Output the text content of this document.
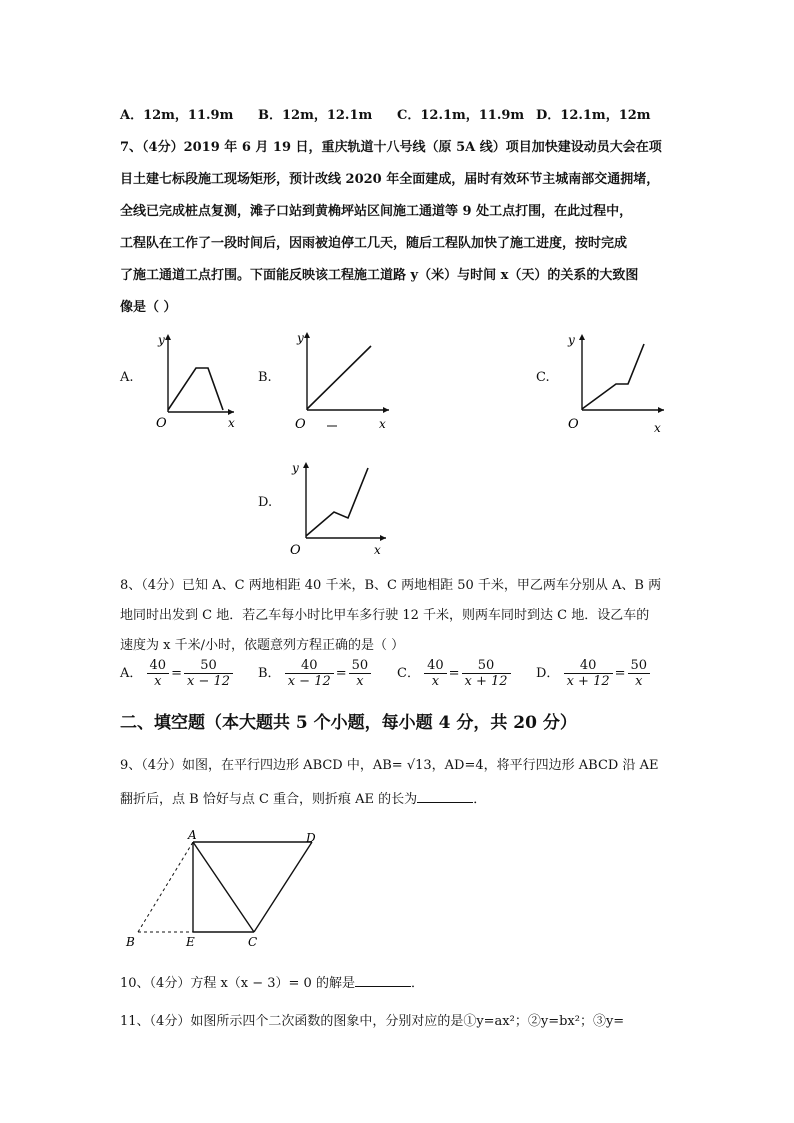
A．12m，11.9m B．12m，12.1m C．12.1m，11.9m D．12.1m，12m
7、（4分）2019 年 6 月 19 日，重庆轨道十八号线（原 5A 线）项目加快建设动员大会在项
目土建七标段施工现场矩形，预计改线 2020 年全面建成，届时有效环节主城南部交通拥堵，
全线已完成桩点复测，滩子口站到黄桷坪站区间施工通道等 9 处工点打围，在此过程中，
工程队在工作了一段时间后，因雨被迫停工几天，随后工程队加快了施工进度，按时完成
了施工通道工点打围。下面能反映该工程施工道路 y（米）与时间 x（天）的关系的大致图
像是（ ）
A.	B.	C.
D.
y
O	x
y
O	x
y
O	x
y
O	x
8、（4分）已知 A、C 两地相距 40 千米，B、C 两地相距 50 千米，甲乙两车分别从 A、B 两
地同时出发到 C 地．若乙车每小时比甲车多行驶 12 千米，则两车同时到达 C 地．设乙车的
速度为 x 千米/小时，依题意列方程正确的是（ ）
A． $\frac{40}{x} = \frac{50}{x - 12}$ B． $\frac{40}{x - 12} = \frac{50}{x}$ C． $\frac{40}{x} = \frac{50}{x + 12}$ D． $\frac{40}{x + 12} = \frac{50}{x}$
二、填空题（本大题共 5 个小题，每小题 4 分，共 20 分）
9、（4分）如图，在平行四边形 ABCD 中，AB= √13，AD=4，将平行四边形 ABCD 沿 AE
翻折后，点 B 恰好与点 C 重合，则折痕 AE 的长为	．
A	D
B	E	C
10、（4分）方程 x（x − 3）= 0 的解是	．
11、（4分）如图所示四个二次函数的图象中，分别对应的是①y=ax²；②y=bx²；③y=
